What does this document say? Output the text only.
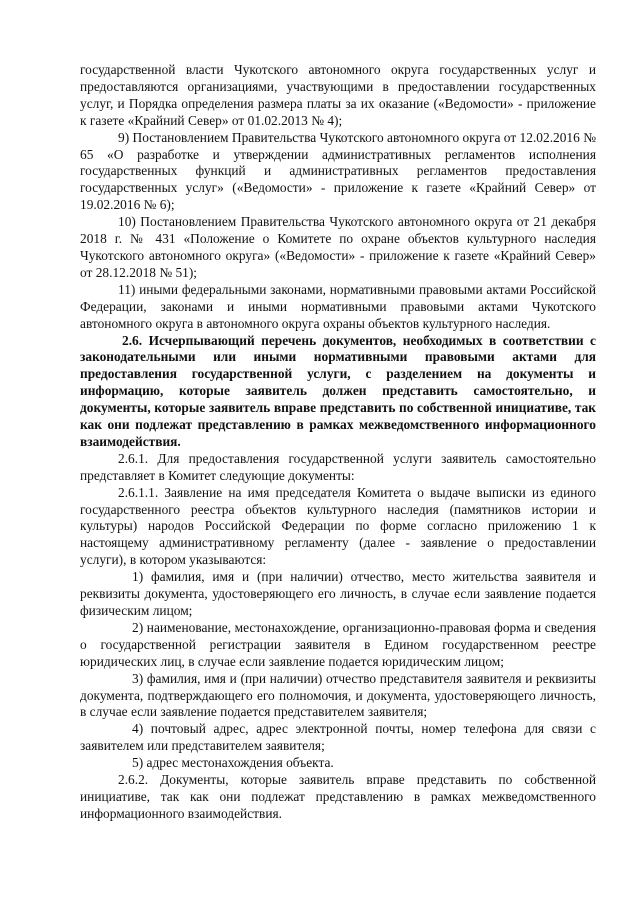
государственной власти Чукотского автономного округа государственных услуг и предоставляются организациями, участвующими в предоставлении государственных услуг, и Порядка определения размера платы за их оказание («Ведомости» - приложение к газете «Крайний Север» от 01.02.2013 № 4);

9) Постановлением Правительства Чукотского автономного округа от 12.02.2016 № 65 «О разработке и утверждении административных регламентов исполнения государственных функций и административных регламентов предоставления государственных услуг» («Ведомости» - приложение к газете «Крайний Север» от 19.02.2016 № 6);

10) Постановлением Правительства Чукотского автономного округа от 21 декабря 2018 г. № 431 «Положение о Комитете по охране объектов культурного наследия Чукотского автономного округа» («Ведомости» - приложение к газете «Крайний Север» от 28.12.2018 № 51);

11) иными федеральными законами, нормативными правовыми актами Российской Федерации, законами и иными нормативными правовыми актами Чукотского автономного округа в автономного округа охраны объектов культурного наследия.

2.6. Исчерпывающий перечень документов, необходимых в соответствии с законодательными или иными нормативными правовыми актами для предоставления государственной услуги, с разделением на документы и информацию, которые заявитель должен представить самостоятельно, и документы, которые заявитель вправе представить по собственной инициативе, так как они подлежат представлению в рамках межведомственного информационного взаимодействия.

2.6.1. Для предоставления государственной услуги заявитель самостоятельно представляет в Комитет следующие документы:

2.6.1.1. Заявление на имя председателя Комитета о выдаче выписки из единого государственного реестра объектов культурного наследия (памятников истории и культуры) народов Российской Федерации по форме согласно приложению 1 к настоящему административному регламенту (далее - заявление о предоставлении услуги), в котором указываются:

1) фамилия, имя и (при наличии) отчество, место жительства заявителя и реквизиты документа, удостоверяющего его личность, в случае если заявление подается физическим лицом;

2) наименование, местонахождение, организационно-правовая форма и сведения о государственной регистрации заявителя в Едином государственном реестре юридических лиц, в случае если заявление подается юридическим лицом;

3) фамилия, имя и (при наличии) отчество представителя заявителя и реквизиты документа, подтверждающего его полномочия, и документа, удостоверяющего личность, в случае если заявление подается представителем заявителя;

4) почтовый адрес, адрес электронной почты, номер телефона для связи с заявителем или представителем заявителя;

5) адрес местонахождения объекта.

2.6.2. Документы, которые заявитель вправе представить по собственной инициативе, так как они подлежат представлению в рамках межведомственного информационного взаимодействия.
